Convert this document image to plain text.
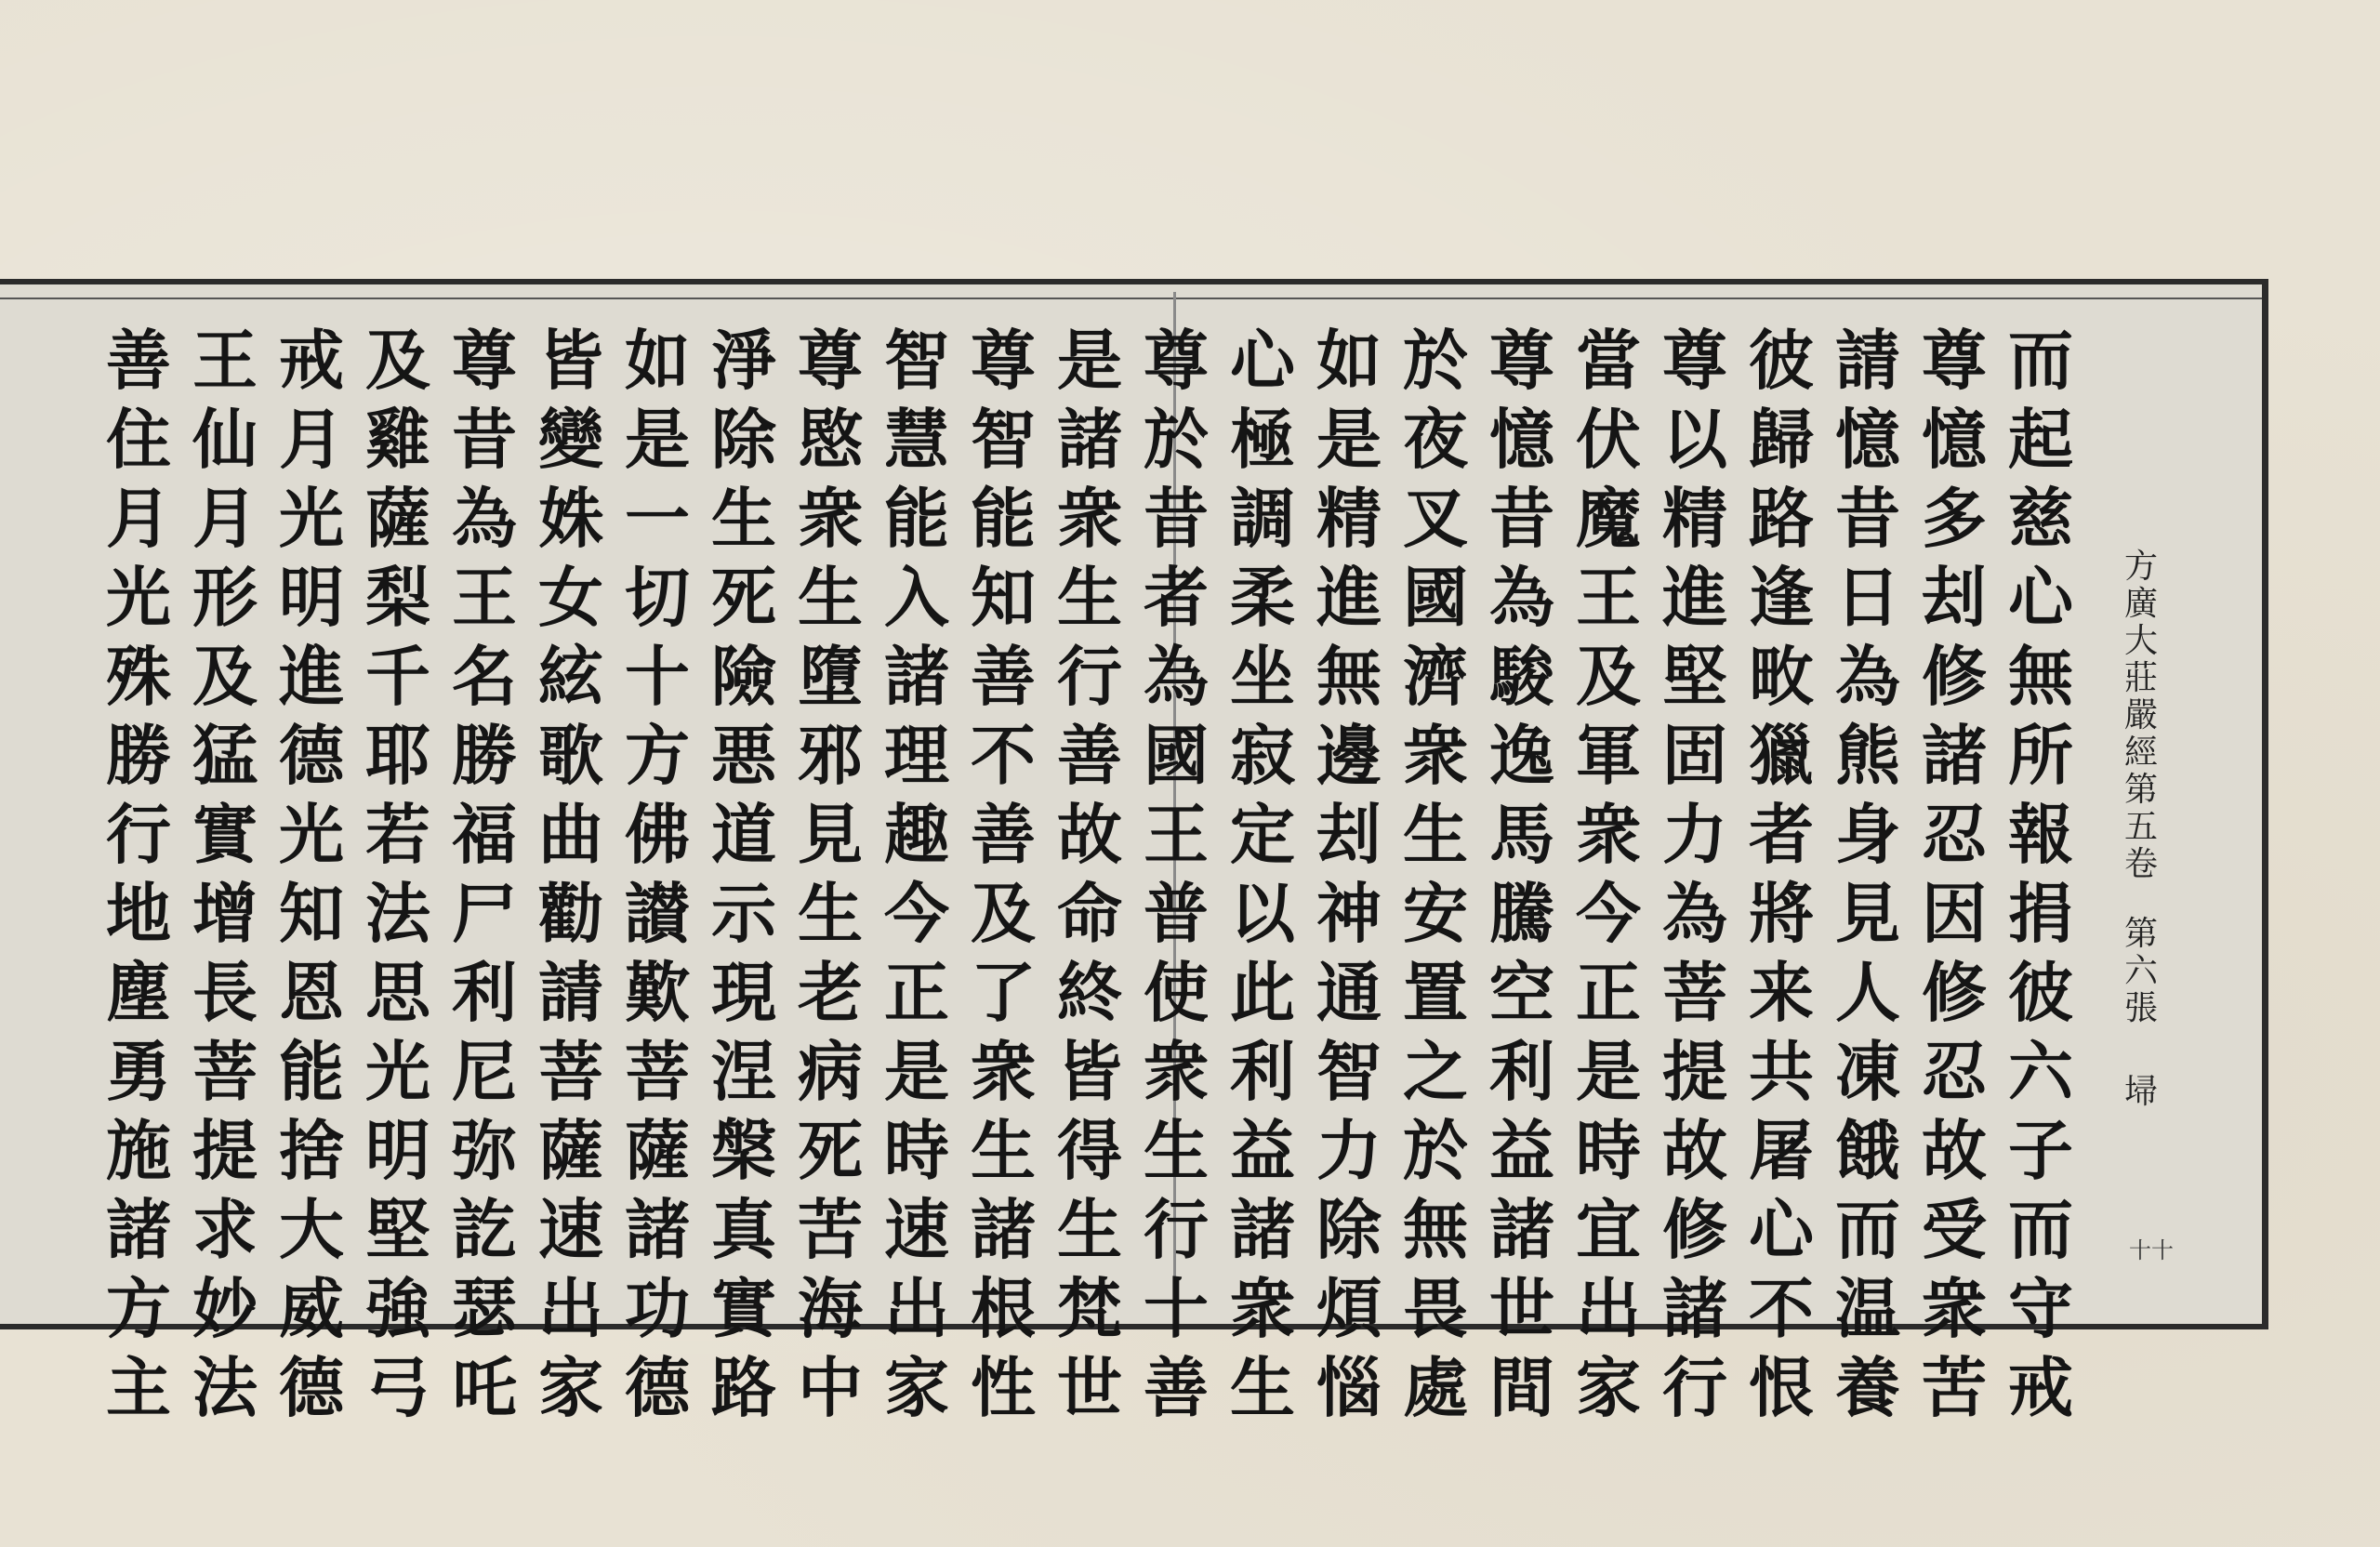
而
起
慈
心
無
所
報
捐
彼
六
子
而
守
戒
尊
憶
多
刦
修
諸
忍
因
修
忍
故
受
衆
苦
請
憶
昔
日
為
熊
身
見
人
凍
餓
而
温
養
彼
歸
路
逢
畋
獵
者
將
来
共
屠
心
不
恨
尊
以
精
進
堅
固
力
為
菩
提
故
修
諸
行
當
伏
魔
王
及
軍
衆
今
正
是
時
宜
出
家
尊
憶
昔
為
駿
逸
馬
騰
空
利
益
諸
世
間
於
夜
叉
國
濟
衆
生
安
置
之
於
無
畏
處
如
是
精
進
無
邊
刦
神
通
智
力
除
煩
惱
心
極
調
柔
坐
寂
定
以
此
利
益
諸
衆
生
尊
於
昔
者
為
國
王
普
使
衆
生
行
十
善
是
諸
衆
生
行
善
故
命
終
皆
得
生
梵
世
尊
智
能
知
善
不
善
及
了
衆
生
諸
根
性
智
慧
能
入
諸
理
趣
今
正
是
時
速
出
家
尊
愍
衆
生
墮
邪
見
生
老
病
死
苦
海
中
淨
除
生
死
險
悪
道
示
現
涅
槃
真
實
路
如
是
一
切
十
方
佛
讃
歎
菩
薩
諸
功
德
皆
變
姝
女
絃
歌
曲
勸
請
菩
薩
速
出
家
尊
昔
為
王
名
勝
福
尸
利
尼
弥
訖
瑟
吒
及
雞
薩
梨
千
耶
若
法
思
光
明
堅
強
弓
戒
月
光
明
進
德
光
知
恩
能
捨
大
威
德
王
仙
月
形
及
猛
實
增
長
菩
提
求
妙
法
善
住
月
光
殊
勝
行
地
塵
勇
施
諸
方
主
方
廣
大
莊
嚴
經
第
五
卷
第
六
張
埽
十十
